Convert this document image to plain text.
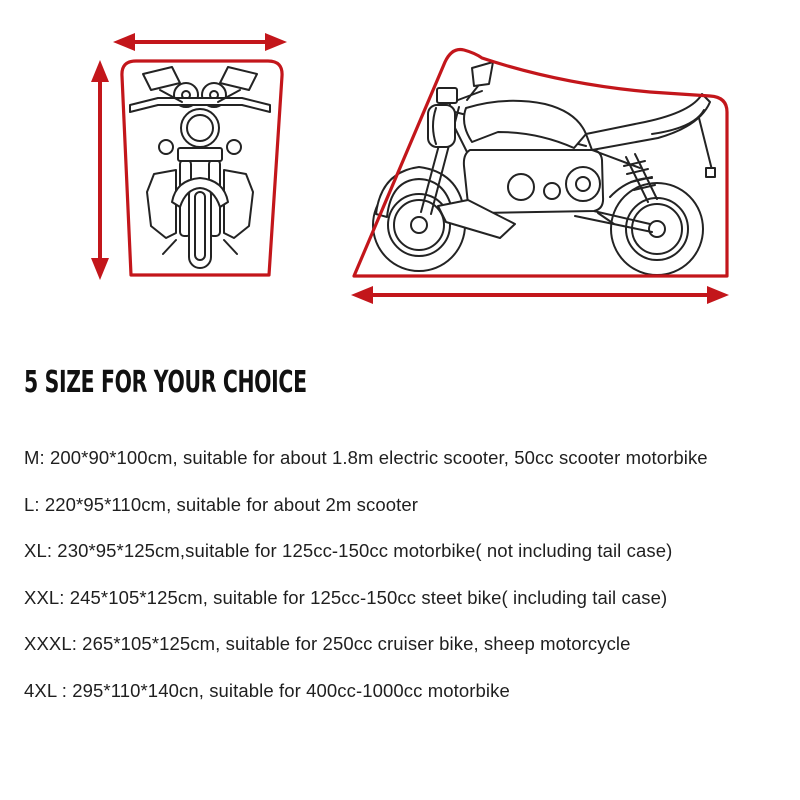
5 SIZE FOR YOUR CHOICE

M: 200*90*100cm, suitable for about 1.8m electric scooter, 50cc scooter motorbike

L: 220*95*110cm, suitable for about 2m scooter

XL: 230*95*125cm,suitable for 125cc-150cc motorbike( not including tail case)

XXL: 245*105*125cm, suitable for 125cc-150cc steet bike( including tail case)

XXXL: 265*105*125cm, suitable for 250cc cruiser bike, sheep motorcycle

4XL : 295*110*140cn, suitable for 400cc-1000cc motorbike
